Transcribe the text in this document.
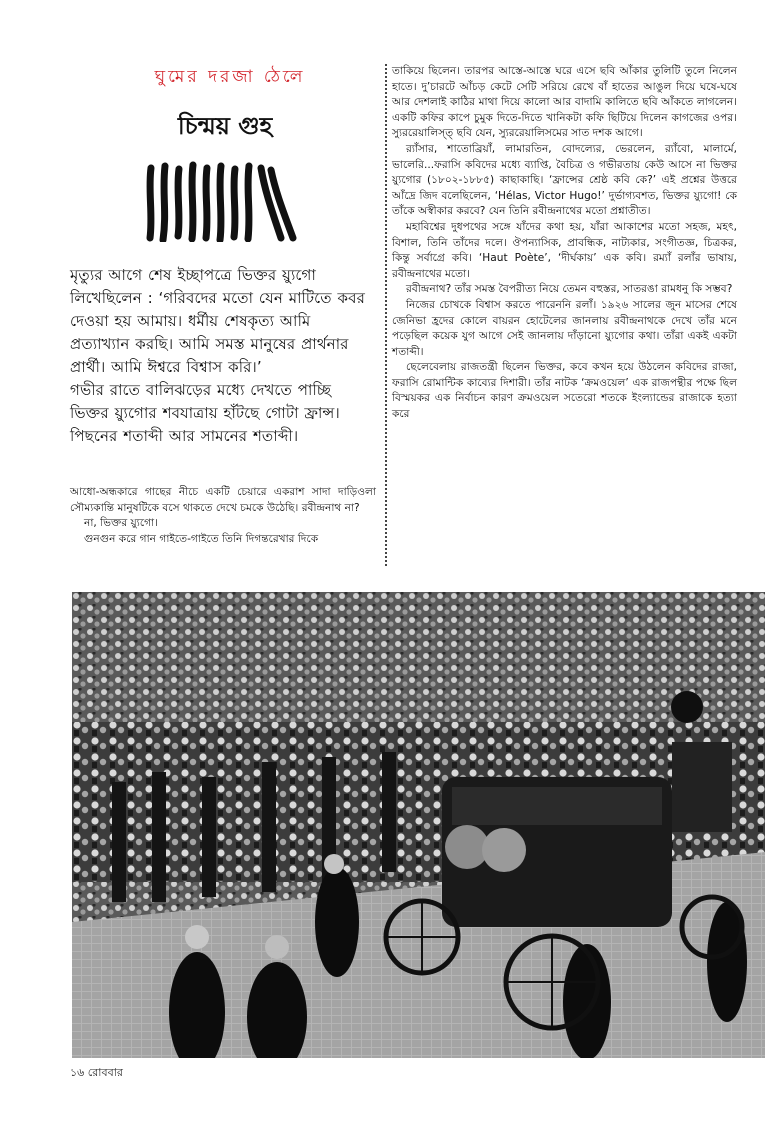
ঘুমের দরজা ঠেলে
চিন্ময় গুহ
মৃত্যুর আগে শেষ ইচ্ছাপত্রে ভিক্তর য়্যুগো
লিখেছিলেন : ‘গরিবদের মতো যেন মাটিতে কবর
দেওয়া হয় আমায়। ধর্মীয় শেষকৃত্য আমি
প্রত্যাখ্যান করছি। আমি সমস্ত মানুষের প্রার্থনার
প্রার্থী। আমি ঈশ্বরে বিশ্বাস করি।’
গভীর রাতে বালিঝড়ের মধ্যে দেখতে পাচ্ছি
ভিক্তর য়্যুগোর শবযাত্রায় হাঁটছে গোটা ফ্রান্স।
পিছনের শতাব্দী আর সামনের শতাব্দী।

আধো-অন্ধকারে গাছের নীচে একটি চেয়ারে একরাশ সাদা দাড়িওলা সৌম্যকান্তি মানুষটিকে বসে থাকতে দেখে চমকে উঠেছি। রবীন্দ্রনাথ না?

না, ভিক্তর য়্যুগো।

গুনগুন করে গান গাইতে-গাইতে তিনি দিগন্তরেখার দিকে

তাকিয়ে ছিলেন। তারপর আস্তে-আস্তে ঘরে এসে ছবি আঁকার তুলিটি তুলে নিলেন হাতে। দু’চারটে আঁচড় কেটে সেটি সরিয়ে রেখে বাঁ হাতের আঙুল দিয়ে ঘষে-ঘষে আর দেশলাই কাঠির মাথা দিয়ে কালো আর বাদামি কালিতে ছবি আঁকতে লাগলেন। একটি কফির কাপে চুমুক দিতে-দিতে খানিকটা কফি ছিটিয়ে দিলেন কাগজের ওপর। স্যুররেয়ালিস্ত্‌ ছবি যেন, স্যুররেয়ালিসমের সাত দশক আগে।

র‍্যাঁসার, শাতোব্রিয়াঁ, লামারতিন, বোদল্যের, ভেরলেন, র‍্যাঁবো, মালার্মে, ভালেরি...ফরাসি কবিদের মধ্যে ব্যাপ্তি, বৈচিত্র ও গভীরতায় কেউ আসে না ভিক্তর য়্যুগোর (১৮০২-১৮৮৫) কাছাকাছি। ‘ফ্রান্সের শ্রেষ্ঠ কবি কে?’ এই প্রশ্নের উত্তরে আঁদ্রে জিদ বলেছিলেন, ‘Hélas, Victor Hugo!’ দুর্ভাগ্যবশত, ভিক্তর য়্যুগো! কে তাঁকে অস্বীকার করবে? যেন তিনি রবীন্দ্রনাথের মতো প্রশ্নাতীত।

মহাবিশ্বের দুধপথের সঙ্গে যাঁদের কথা হয়, যাঁরা আকাশের মতো সহজ, মহৎ, বিশাল, তিনি তাঁদের দলে। ঔপন্যাসিক, প্রাবন্ধিক, নাট্যকার, সংগীতজ্ঞ, চিত্রকর, কিন্তু সর্বাগ্রে কবি। ‘Haut Poète’, ‘দীর্ঘকায়’ এক কবি। রম্যাঁ রলাঁর ভাষায়, রবীন্দ্রনাথের মতো।

রবীন্দ্রনাথ? তাঁর সমস্ত বৈপরীত্য নিয়ে তেমন বহুস্তর, সাতরঙা রামধনু কি সম্ভব?

নিজের চোখকে বিশ্বাস করতে পারেননি রলাঁ। ১৯২৬ সালের জুন মাসের শেষে জেনিভা হ্রদের কোলে বায়রন হোটেলের জানলায় রবীন্দ্রনাথকে দেখে তাঁর মনে পড়েছিল কয়েক যুগ আগে সেই জানলায় দাঁড়ানো য়্যুগোর কথা। তাঁরা একই একটা শতাব্দী।

ছেলেবেলায় রাজতন্ত্রী ছিলেন ভিক্তর, কবে কখন হয়ে উঠলেন কবিদের রাজা, ফরাসি রোমান্টিক কাব্যের দিশারী। তাঁর নাটক ‘ক্রমওয়েল’ এক রাজপন্থীর পক্ষে ছিল বিস্ময়কর এক নির্বাচন কারণ ক্রমওয়েল সতেরো শতকে ইংল্যান্ডের রাজাকে হত্যা করে

১৬ রোববার
